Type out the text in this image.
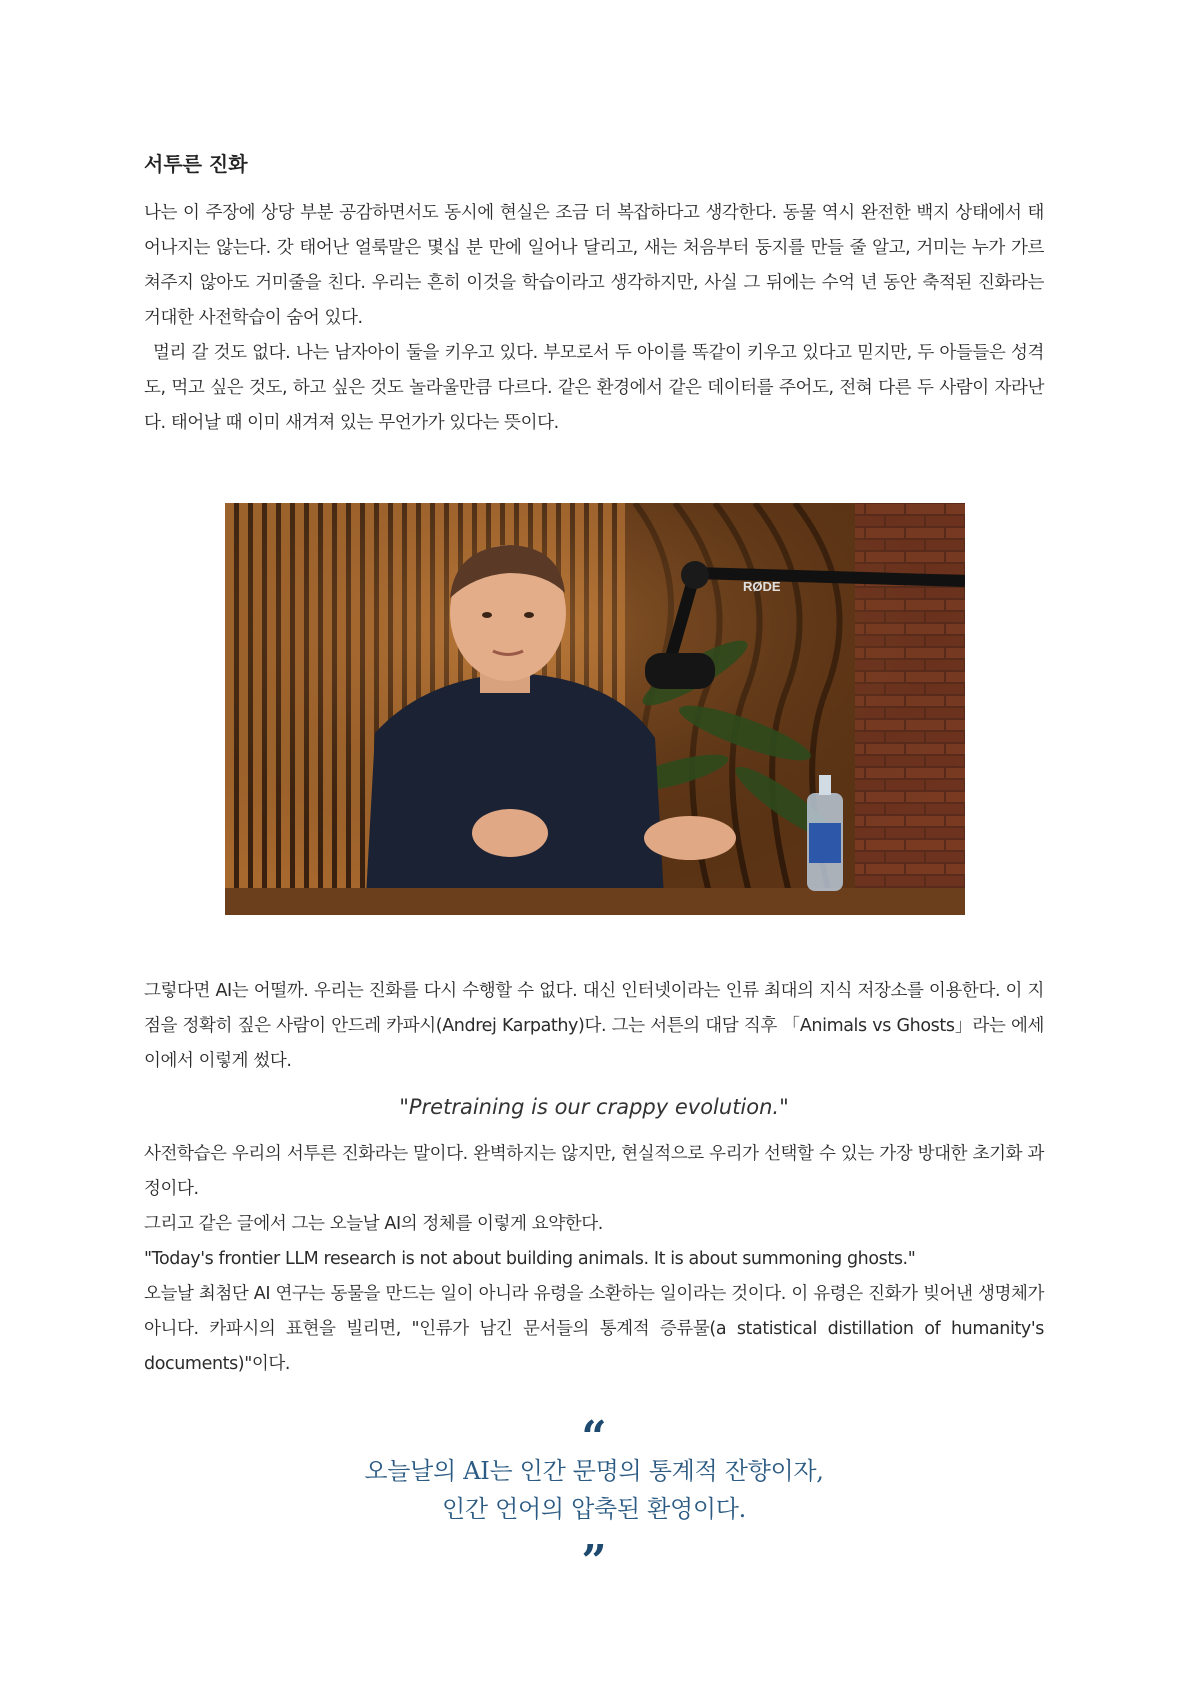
서투른 진화

나는 이 주장에 상당 부분 공감하면서도 동시에 현실은 조금 더 복잡하다고 생각한다. 동물 역시 완전한 백지 상태에서 태어나지는 않는다. 갓 태어난 얼룩말은 몇십 분 만에 일어나 달리고, 새는 처음부터 둥지를 만들 줄 알고, 거미는 누가 가르쳐주지 않아도 거미줄을 친다. 우리는 흔히 이것을 학습이라고 생각하지만, 사실 그 뒤에는 수억 년 동안 축적된 진화라는 거대한 사전학습이 숨어 있다.

멀리 갈 것도 없다. 나는 남자아이 둘을 키우고 있다. 부모로서 두 아이를 똑같이 키우고 있다고 믿지만, 두 아들들은 성격도, 먹고 싶은 것도, 하고 싶은 것도 놀라울만큼 다르다. 같은 환경에서 같은 데이터를 주어도, 전혀 다른 두 사람이 자라난다. 태어날 때 이미 새겨져 있는 무언가가 있다는 뜻이다.

RØDE

그렇다면 AI는 어떨까. 우리는 진화를 다시 수행할 수 없다. 대신 인터넷이라는 인류 최대의 지식 저장소를 이용한다. 이 지점을 정확히 짚은 사람이 안드레 카파시(Andrej Karpathy)다. 그는 서튼의 대담 직후 「Animals vs Ghosts」라는 에세이에서 이렇게 썼다.

"Pretraining is our crappy evolution."

사전학습은 우리의 서투른 진화라는 말이다. 완벽하지는 않지만, 현실적으로 우리가 선택할 수 있는 가장 방대한 초기화 과정이다.

그리고 같은 글에서 그는 오늘날 AI의 정체를 이렇게 요약한다.

"Today's frontier LLM research is not about building animals. It is about summoning ghosts."

오늘날 최첨단 AI 연구는 동물을 만드는 일이 아니라 유령을 소환하는 일이라는 것이다. 이 유령은 진화가 빚어낸 생명체가 아니다. 카파시의 표현을 빌리면, "인류가 남긴 문서들의 통계적 증류물(a statistical distillation of humanity's documents)"이다.

“
오늘날의 AI는 인간 문명의 통계적 잔향이자,
인간 언어의 압축된 환영이다.
”
